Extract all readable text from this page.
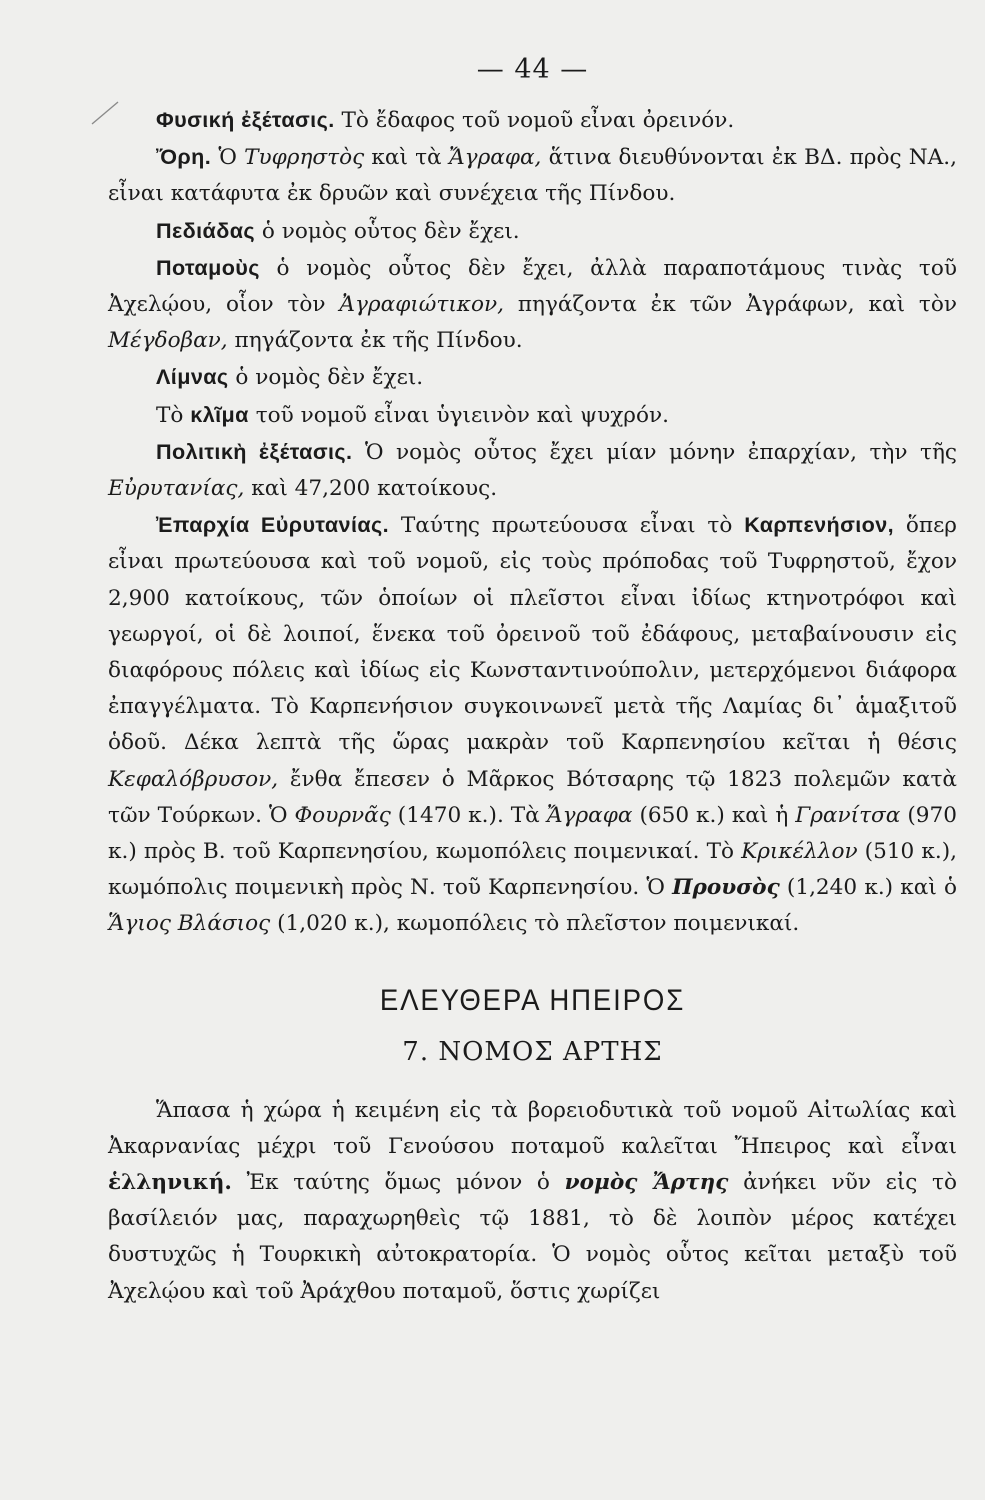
— 44 —

Φυσική ἐξέτασις. Τὸ ἔδαφος τοῦ νομοῦ εἶναι ὀρεινόν.

Ὄρη. Ὁ Τυφρηστὸς καὶ τὰ Ἄγραφα, ἅτινα διευθύνονται ἐκ ΒΔ. πρὸς ΝΑ., εἶναι κατάφυτα ἐκ δρυῶν καὶ συνέχεια τῆς Πίνδου.

Πεδιάδας ὁ νομὸς οὗτος δὲν ἔχει.

Ποταμοὺς ὁ νομὸς οὗτος δὲν ἔχει, ἀλλὰ παραποτάμους τινὰς τοῦ Ἀχελῴου, οἷον τὸν Ἀγραφιώτικον, πηγάζοντα ἐκ τῶν Ἀγράφων, καὶ τὸν Μέγδοβαν, πηγάζοντα ἐκ τῆς Πίνδου.

Λίμνας ὁ νομὸς δὲν ἔχει.

Τὸ κλῖμα τοῦ νομοῦ εἶναι ὑγιεινὸν καὶ ψυχρόν.

Πολιτικὴ ἐξέτασις. Ὁ νομὸς οὗτος ἔχει μίαν μόνην ἐπαρχίαν, τὴν τῆς Εὐρυτανίας, καὶ 47,200 κατοίκους.

Ἐπαρχία Εὐρυτανίας. Ταύτης πρωτεύουσα εἶναι τὸ Καρπενήσιον, ὅπερ εἶναι πρωτεύουσα καὶ τοῦ νομοῦ, εἰς τοὺς πρόποδας τοῦ Τυφρηστοῦ, ἔχον 2,900 κατοίκους, τῶν ὁποίων οἱ πλεῖστοι εἶναι ἰδίως κτηνοτρόφοι καὶ γεωργοί, οἱ δὲ λοιποί, ἕνεκα τοῦ ὀρεινοῦ τοῦ ἐδάφους, μεταβαίνουσιν εἰς διαφόρους πόλεις καὶ ἰδίως εἰς Κωνσταντινούπολιν, μετερχόμενοι διάφορα ἐπαγγέλματα. Τὸ Καρπενήσιον συγκοινωνεῖ μετὰ τῆς Λαμίας δι᾽ ἁμαξιτοῦ ὁδοῦ. Δέκα λεπτὰ τῆς ὥρας μακρὰν τοῦ Καρπενησίου κεῖται ἡ θέσις Κεφαλόβρυσον, ἔνθα ἔπεσεν ὁ Μᾶρκος Βότσαρης τῷ 1823 πολεμῶν κατὰ τῶν Τούρκων. Ὁ Φουρνᾶς (1470 κ.). Τὰ Ἄγραφα (650 κ.) καὶ ἡ Γρανίτσα (970 κ.) πρὸς Β. τοῦ Καρπενησίου, κωμοπόλεις ποιμενικαί. Τὸ Κρικέλλον (510 κ.), κωμόπολις ποιμενικὴ πρὸς Ν. τοῦ Καρπενησίου. Ὁ Προυσὸς (1,240 κ.) καὶ ὁ Ἅγιος Βλάσιος (1,020 κ.), κωμοπόλεις τὸ πλεῖστον ποιμενικαί.

ΕΛΕΥΘΕΡΑ ΗΠΕΙΡΟΣ
7. ΝΟΜΟΣ ΑΡΤΗΣ

Ἅπασα ἡ χώρα ἡ κειμένη εἰς τὰ βορειοδυτικὰ τοῦ νομοῦ Αἰτωλίας καὶ Ἀκαρνανίας μέχρι τοῦ Γενούσου ποταμοῦ καλεῖται Ἤπειρος καὶ εἶναι ἑλληνική. Ἐκ ταύτης ὅμως μόνον ὁ νομὸς Ἄρτης ἀνήκει νῦν εἰς τὸ βασίλειόν μας, παραχωρηθεὶς τῷ 1881, τὸ δὲ λοιπὸν μέρος κατέχει δυστυχῶς ἡ Τουρκικὴ αὐτοκρατορία. Ὁ νομὸς οὗτος κεῖται μεταξὺ τοῦ Ἀχελῴου καὶ τοῦ Ἀράχθου ποταμοῦ, ὅστις χωρίζει
